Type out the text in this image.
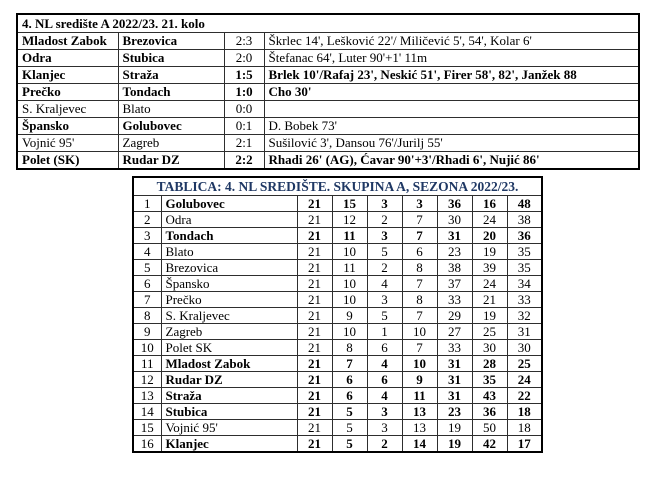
4. NL središte A 2022/23. 21. kolo			
Mladost Zabok	Brezovica	2:3	Škrlec 14', Lešković 22'/ Miličević 5', 54', Kolar 6'
Odra	Stubica	2:0	Štefanac 64', Luter 90'+1' 11m
Klanjec	Straža	1:5	Brlek 10'/Rafaj 23', Neskić 51', Firer 58', 82', Janžek 88
Prečko	Tondach	1:0	Cho 30'
S. Kraljevec	Blato	0:0	
Špansko	Golubovec	0:1	D. Bobek 73'
Vojnić 95'	Zagreb	2:1	Sušilović 3', Dansou 76'/Jurilj 55'
Polet (SK)	Rudar DZ	2:2	Rhadi 26' (AG), Ćavar 90'+3'/Rhadi 6', Nujić 86'
TABLICA: 4. NL SREDIŠTE. SKUPINA A, SEZONA 2022/23.								
1	Golubovec	21	15	3	3	36	16	48
2	Odra	21	12	2	7	30	24	38
3	Tondach	21	11	3	7	31	20	36
4	Blato	21	10	5	6	23	19	35
5	Brezovica	21	11	2	8	38	39	35
6	Špansko	21	10	4	7	37	24	34
7	Prečko	21	10	3	8	33	21	33
8	S. Kraljevec	21	9	5	7	29	19	32
9	Zagreb	21	10	1	10	27	25	31
10	Polet SK	21	8	6	7	33	30	30
11	Mladost Zabok	21	7	4	10	31	28	25
12	Rudar DZ	21	6	6	9	31	35	24
13	Straža	21	6	4	11	31	43	22
14	Stubica	21	5	3	13	23	36	18
15	Vojnić 95'	21	5	3	13	19	50	18
16	Klanjec	21	5	2	14	19	42	17
